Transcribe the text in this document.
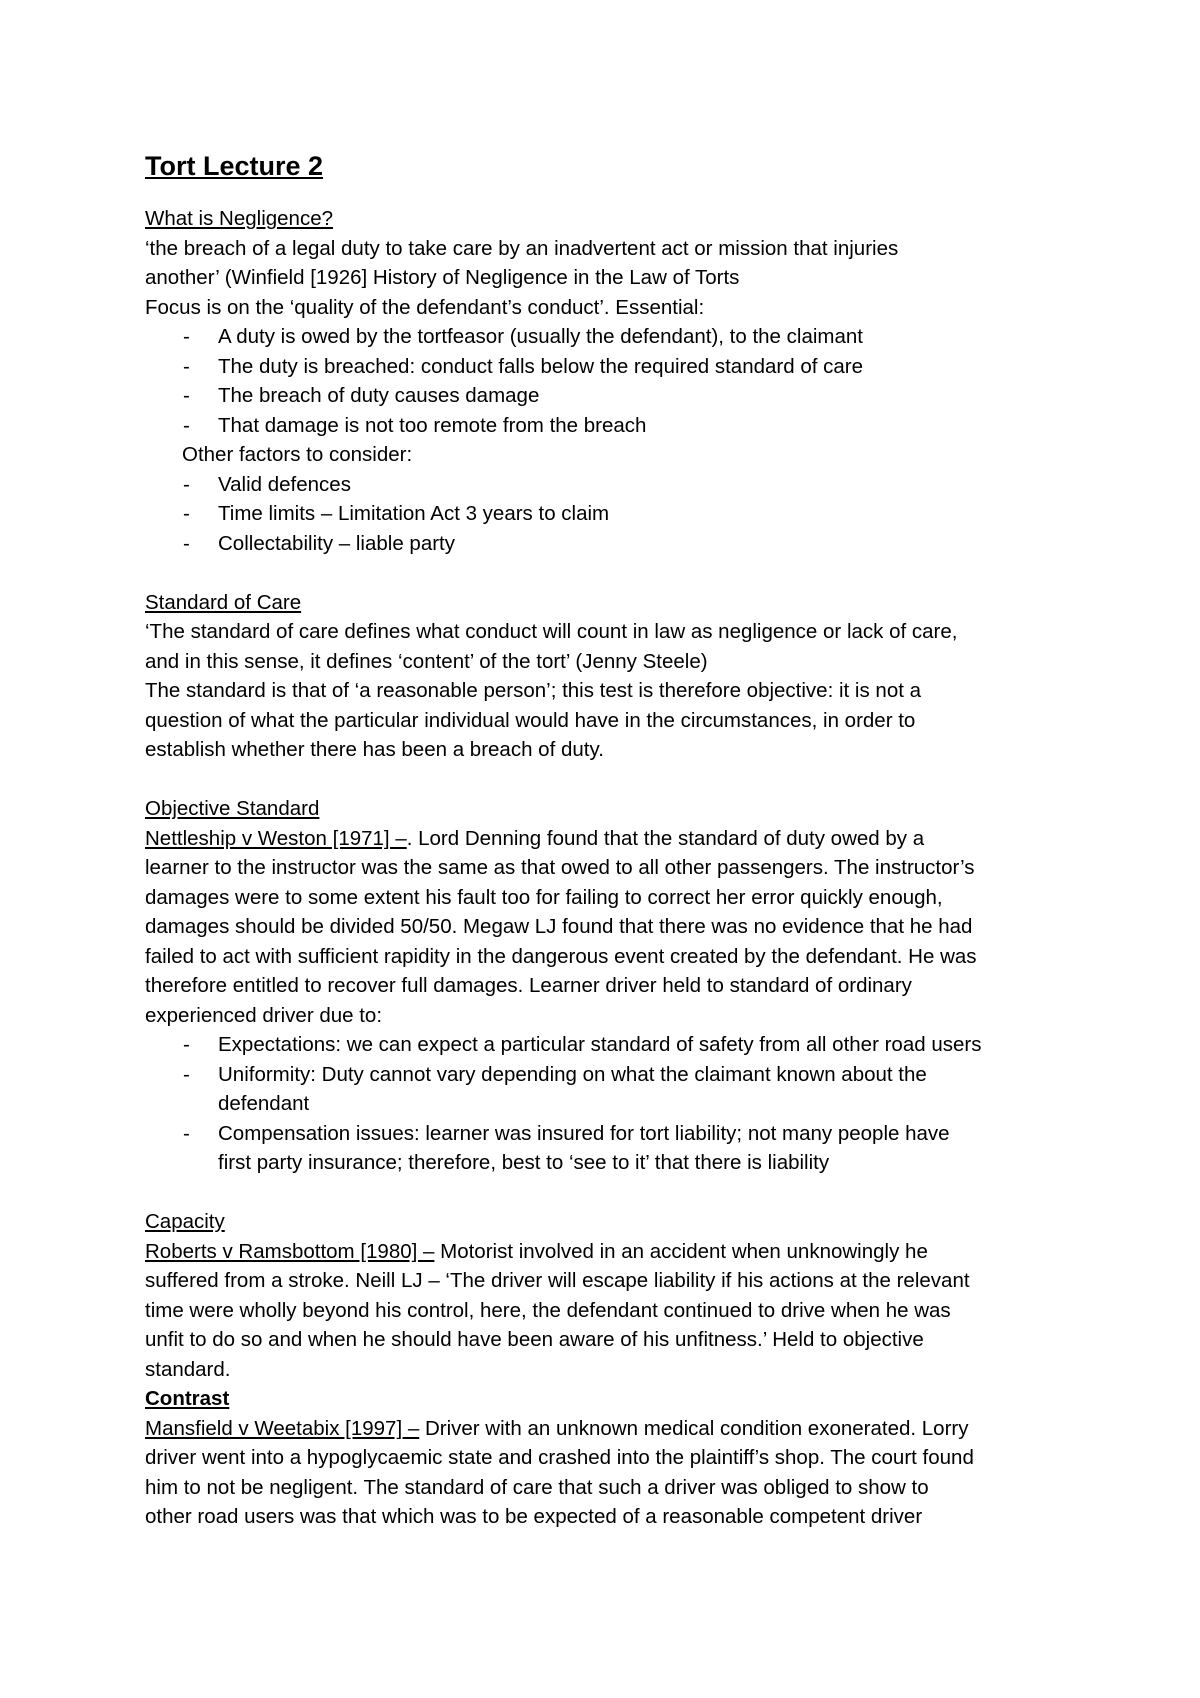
Tort Lecture 2
What is Negligence?
‘the breach of a legal duty to take care by an inadvertent act or mission that injuries
another’ (Winfield [1926] History of Negligence in the Law of Torts
Focus is on the ‘quality of the defendant’s conduct’. Essential:
- A duty is owed by the tortfeasor (usually the defendant), to the claimant
- The duty is breached: conduct falls below the required standard of care
- The breach of duty causes damage
- That damage is not too remote from the breach
Other factors to consider:
- Valid defences
- Time limits – Limitation Act 3 years to claim
- Collectability – liable party
Standard of Care
‘The standard of care defines what conduct will count in law as negligence or lack of care,
and in this sense, it defines ‘content’ of the tort’ (Jenny Steele)
The standard is that of ‘a reasonable person’; this test is therefore objective: it is not a
question of what the particular individual would have in the circumstances, in order to
establish whether there has been a breach of duty.
Objective Standard
Nettleship v Weston [1971] –. Lord Denning found that the standard of duty owed by a
learner to the instructor was the same as that owed to all other passengers. The instructor’s
damages were to some extent his fault too for failing to correct her error quickly enough,
damages should be divided 50/50. Megaw LJ found that there was no evidence that he had
failed to act with sufficient rapidity in the dangerous event created by the defendant. He was
therefore entitled to recover full damages. Learner driver held to standard of ordinary
experienced driver due to:
- Expectations: we can expect a particular standard of safety from all other road users
- Uniformity: Duty cannot vary depending on what the claimant known about the defendant
- Compensation issues: learner was insured for tort liability; not many people have first party insurance; therefore, best to ‘see to it’ that there is liability
Capacity
Roberts v Ramsbottom [1980] – Motorist involved in an accident when unknowingly he
suffered from a stroke. Neill LJ – ‘The driver will escape liability if his actions at the relevant
time were wholly beyond his control, here, the defendant continued to drive when he was
unfit to do so and when he should have been aware of his unfitness.’ Held to objective
standard.
Contrast
Mansfield v Weetabix [1997] – Driver with an unknown medical condition exonerated. Lorry
driver went into a hypoglycaemic state and crashed into the plaintiff’s shop. The court found
him to not be negligent. The standard of care that such a driver was obliged to show to
other road users was that which was to be expected of a reasonable competent driver
